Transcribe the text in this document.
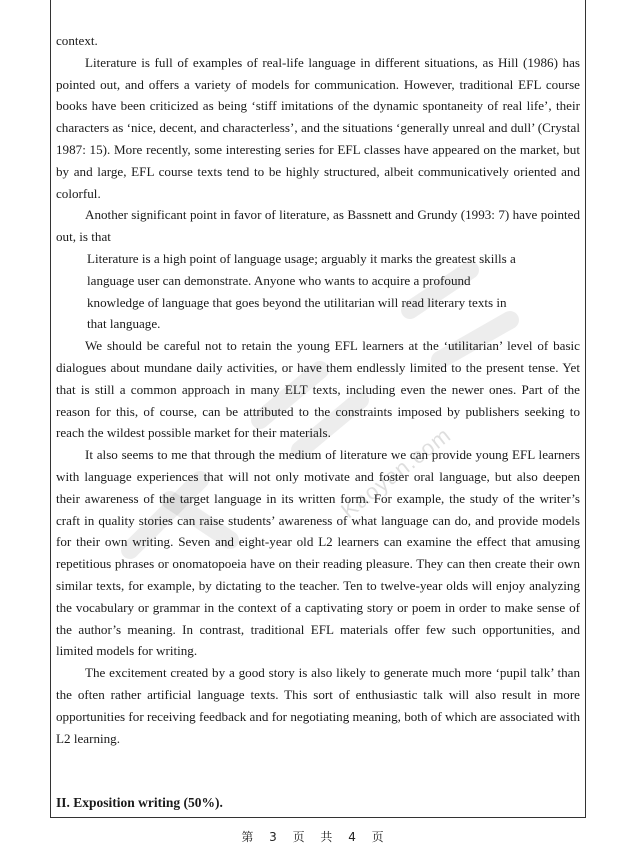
Kaoyan.com

context.

Literature is full of examples of real-life language in different situations, as Hill (1986) has pointed out, and offers a variety of models for communication. However, traditional EFL course books have been criticized as being ‘stiff imitations of the dynamic spontaneity of real life’, their characters as ‘nice, decent, and characterless’, and the situations ‘generally unreal and dull’ (Crystal 1987: 15). More recently, some interesting series for EFL classes have appeared on the market, but by and large, EFL course texts tend to be highly structured, albeit communicatively oriented and colorful.

Another significant point in favor of literature, as Bassnett and Grundy (1993: 7) have pointed out, is that

Literature is a high point of language usage; arguably it marks the greatest skills a language user can demonstrate. Anyone who wants to acquire a profound knowledge of language that goes beyond the utilitarian will read literary texts in that language.

We should be careful not to retain the young EFL learners at the ‘utilitarian’ level of basic dialogues about mundane daily activities, or have them endlessly limited to the present tense. Yet that is still a common approach in many ELT texts, including even the newer ones. Part of the reason for this, of course, can be attributed to the constraints imposed by publishers seeking to reach the wildest possible market for their materials.

It also seems to me that through the medium of literature we can provide young EFL learners with language experiences that will not only motivate and foster oral language, but also deepen their awareness of the target language in its written form. For example, the study of the writer’s craft in quality stories can raise students’ awareness of what language can do, and provide models for their own writing. Seven and eight-year old L2 learners can examine the effect that amusing repetitious phrases or onomatopoeia have on their reading pleasure. They can then create their own similar texts, for example, by dictating to the teacher. Ten to twelve-year olds will enjoy analyzing the vocabulary or grammar in the context of a captivating story or poem in order to make sense of the author’s meaning. In contrast, traditional EFL materials offer few such opportunities, and limited models for writing.

The excitement created by a good story is also likely to generate much more ‘pupil talk’ than the often rather artificial language texts. This sort of enthusiastic talk will also result in more opportunities for receiving feedback and for negotiating meaning, both of which are associated with L2 learning.

II. Exposition writing (50%).
第 3 页 共 4 页
